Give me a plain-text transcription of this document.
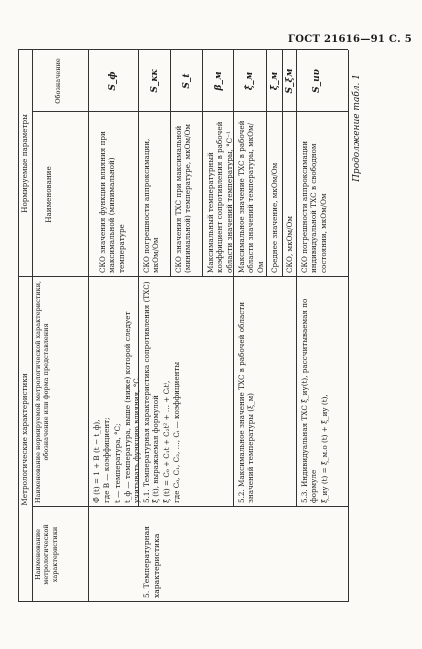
ГОСТ 21616—91 С. 5
Продолжение табл. 1
Метрологические характеристики
Нормируемые параметры
Наименование метрологической характеристики
Наименование нормируемой метрологической характеристики, обозначение или форма представления
Наименование
Обозначение
Φ̂ (t) = 1 + B (t − t_ф), где B — коэффициент; t — температура, °C; t_ф — температура, выше (ниже) которой следует учитывать функцию влияния, °C
СКО значения функции влияния при максимальной (минимальной) температуре
S_ф
5. Температурная характеристика
5.1. Температурная характеристика сопротивления (ТХС) ξ̂ (t), выражаемая формулой ξ̂ (t) = C₀ + C₁t + C₂t² + … + Cᵢtⁱ, где C₀, C₁, C₂, …, Cᵢ — коэффициенты
СКО погрешности аппроксимации, мкОм/Ом
S_кк
СКО значения ТХС при максимальной (минимальной) температуре, мкОм/Ом
S_t
Максимальный температурный коэффициент сопротивления в рабочей области значений температуры, °C⁻¹
β_м
5.2. Максимальное значение ТХС в рабочей области значений температуры (ξ_м)
Максимальное значение ТХС в рабочей области значений температуры, мкОм/Ом
ξ̂_м
Среднее значение, мкОм/Ом
ξ̄_м
СКО, мкОм/Ом
S_ξм
5.3. Индивидуальная ТХС ξ̂_иу(t), рассчитываемая по формуле ξ̂_иу (t) = ξ̂_м.о (t) + ξ̂_иу (t),
СКО погрешности аппроксимации индивидуальной ТХС в свободном состоянии, мкОм/Ом
S_иυ
